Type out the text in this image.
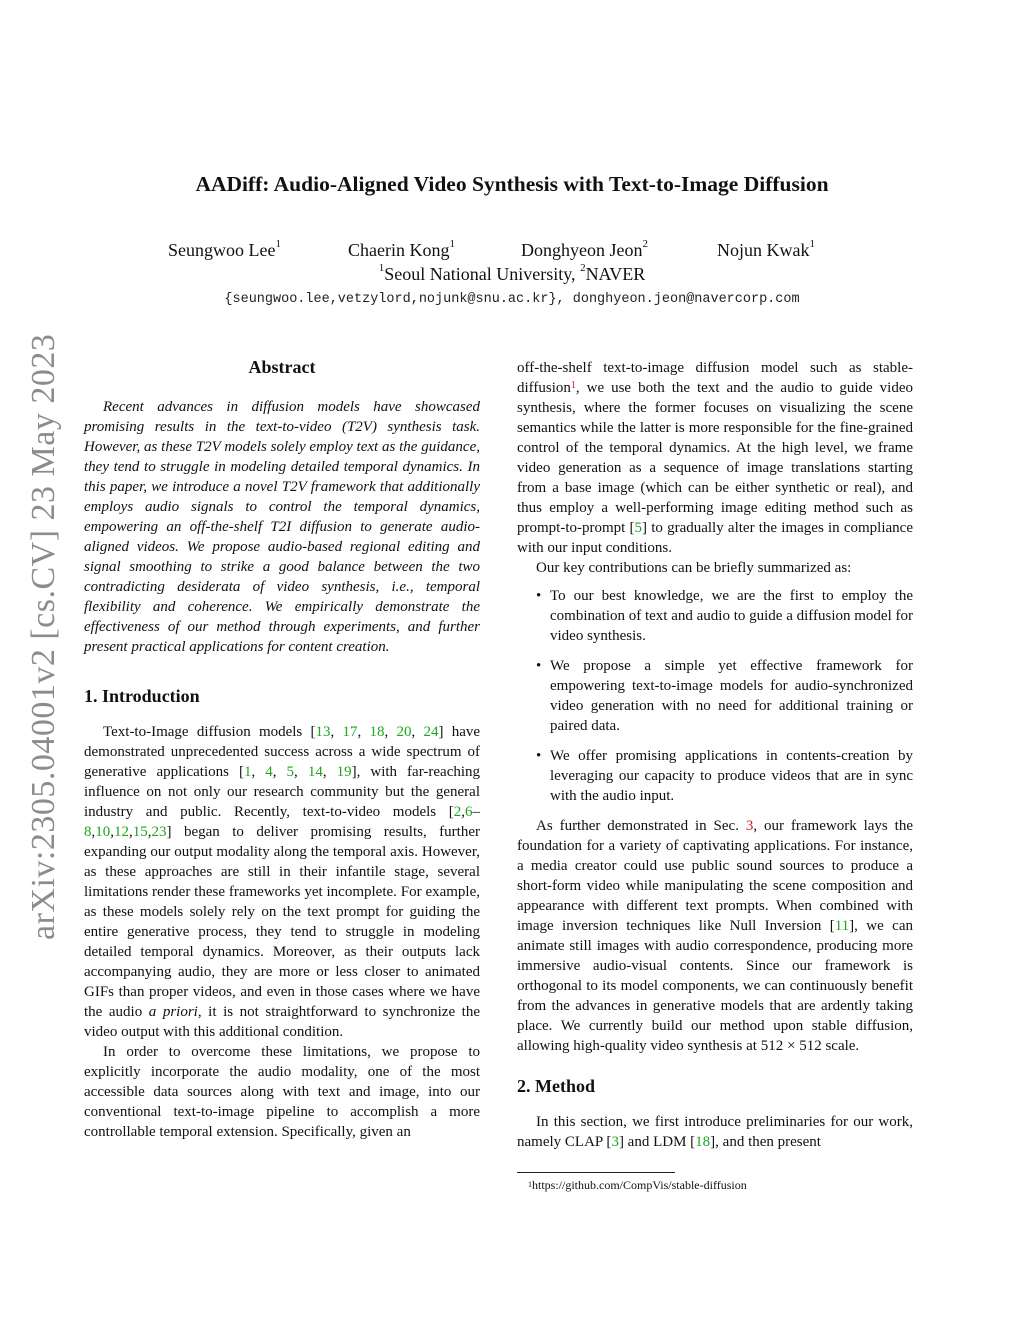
arXiv:2305.04001v2 [cs.CV] 23 May 2023
AADiff: Audio-Aligned Video Synthesis with Text-to-Image Diffusion
Seungwoo Lee$^1$	Chaerin Kong$^1$	Donghyeon Jeon$^2$	Nojun Kwak$^1$
$^1$Seoul National University, $^2$NAVER
{seungwoo.lee,vetzylord,nojunk@snu.ac.kr}, donghyeon.jeon@navercorp.com
Abstract

Recent advances in diffusion models have showcased promising results in the text-to-video (T2V) synthesis task. However, as these T2V models solely employ text as the guidance, they tend to struggle in modeling detailed temporal dynamics. In this paper, we introduce a novel T2V framework that additionally employs audio signals to control the temporal dynamics, empowering an off-the-shelf T2I diffusion to generate audio-aligned videos. We propose audio-based regional editing and signal smoothing to strike a good balance between the two contradicting desiderata of video synthesis, i.e., temporal flexibility and coherence. We empirically demonstrate the effectiveness of our method through experiments, and further present practical applications for content creation.

1. Introduction

Text-to-Image diffusion models [13, 17, 18, 20, 24] have demonstrated unprecedented success across a wide spectrum of generative applications [1, 4, 5, 14, 19], with far-reaching influence on not only our research community but the general industry and public. Recently, text-to-video models [2,6–8,10,12,15,23] began to deliver promising results, further expanding our output modality along the temporal axis. However, as these approaches are still in their infantile stage, several limitations render these frameworks yet incomplete. For example, as these models solely rely on the text prompt for guiding the entire generative process, they tend to struggle in modeling detailed temporal dynamics. Moreover, as their outputs lack accompanying audio, they are more or less closer to animated GIFs than proper videos, and even in those cases where we have the audio a priori, it is not straightforward to synchronize the video output with this additional condition.

In order to overcome these limitations, we propose to explicitly incorporate the audio modality, one of the most accessible data sources along with text and image, into our conventional text-to-image pipeline to accomplish a more controllable temporal extension. Specifically, given an

off-the-shelf text-to-image diffusion model such as stable-diffusion$^1$, we use both the text and the audio to guide video synthesis, where the former focuses on visualizing the scene semantics while the latter is more responsible for the fine-grained control of the temporal dynamics. At the high level, we frame video generation as a sequence of image translations starting from a base image (which can be either synthetic or real), and thus employ a well-performing image editing method such as prompt-to-prompt [5] to gradually alter the images in compliance with our input conditions.

Our key contributions can be briefly summarized as:

• To our best knowledge, we are the first to employ the combination of text and audio to guide a diffusion model for video synthesis.
• We propose a simple yet effective framework for empowering text-to-image models for audio-synchronized video generation with no need for additional training or paired data.
• We offer promising applications in contents-creation by leveraging our capacity to produce videos that are in sync with the audio input.

As further demonstrated in Sec. 3, our framework lays the foundation for a variety of captivating applications. For instance, a media creator could use public sound sources to produce a short-form video while manipulating the scene composition and appearance with different text prompts. When combined with image inversion techniques like Null Inversion [11], we can animate still images with audio correspondence, producing more immersive audio-visual contents. Since our framework is orthogonal to its model components, we can continuously benefit from the advances in generative models that are ardently taking place. We currently build our method upon stable diffusion, allowing high-quality video synthesis at 512 × 512 scale.

2. Method

In this section, we first introduce preliminaries for our work, namely CLAP [3] and LDM [18], and then present

$^1$https://github.com/CompVis/stable-diffusion
